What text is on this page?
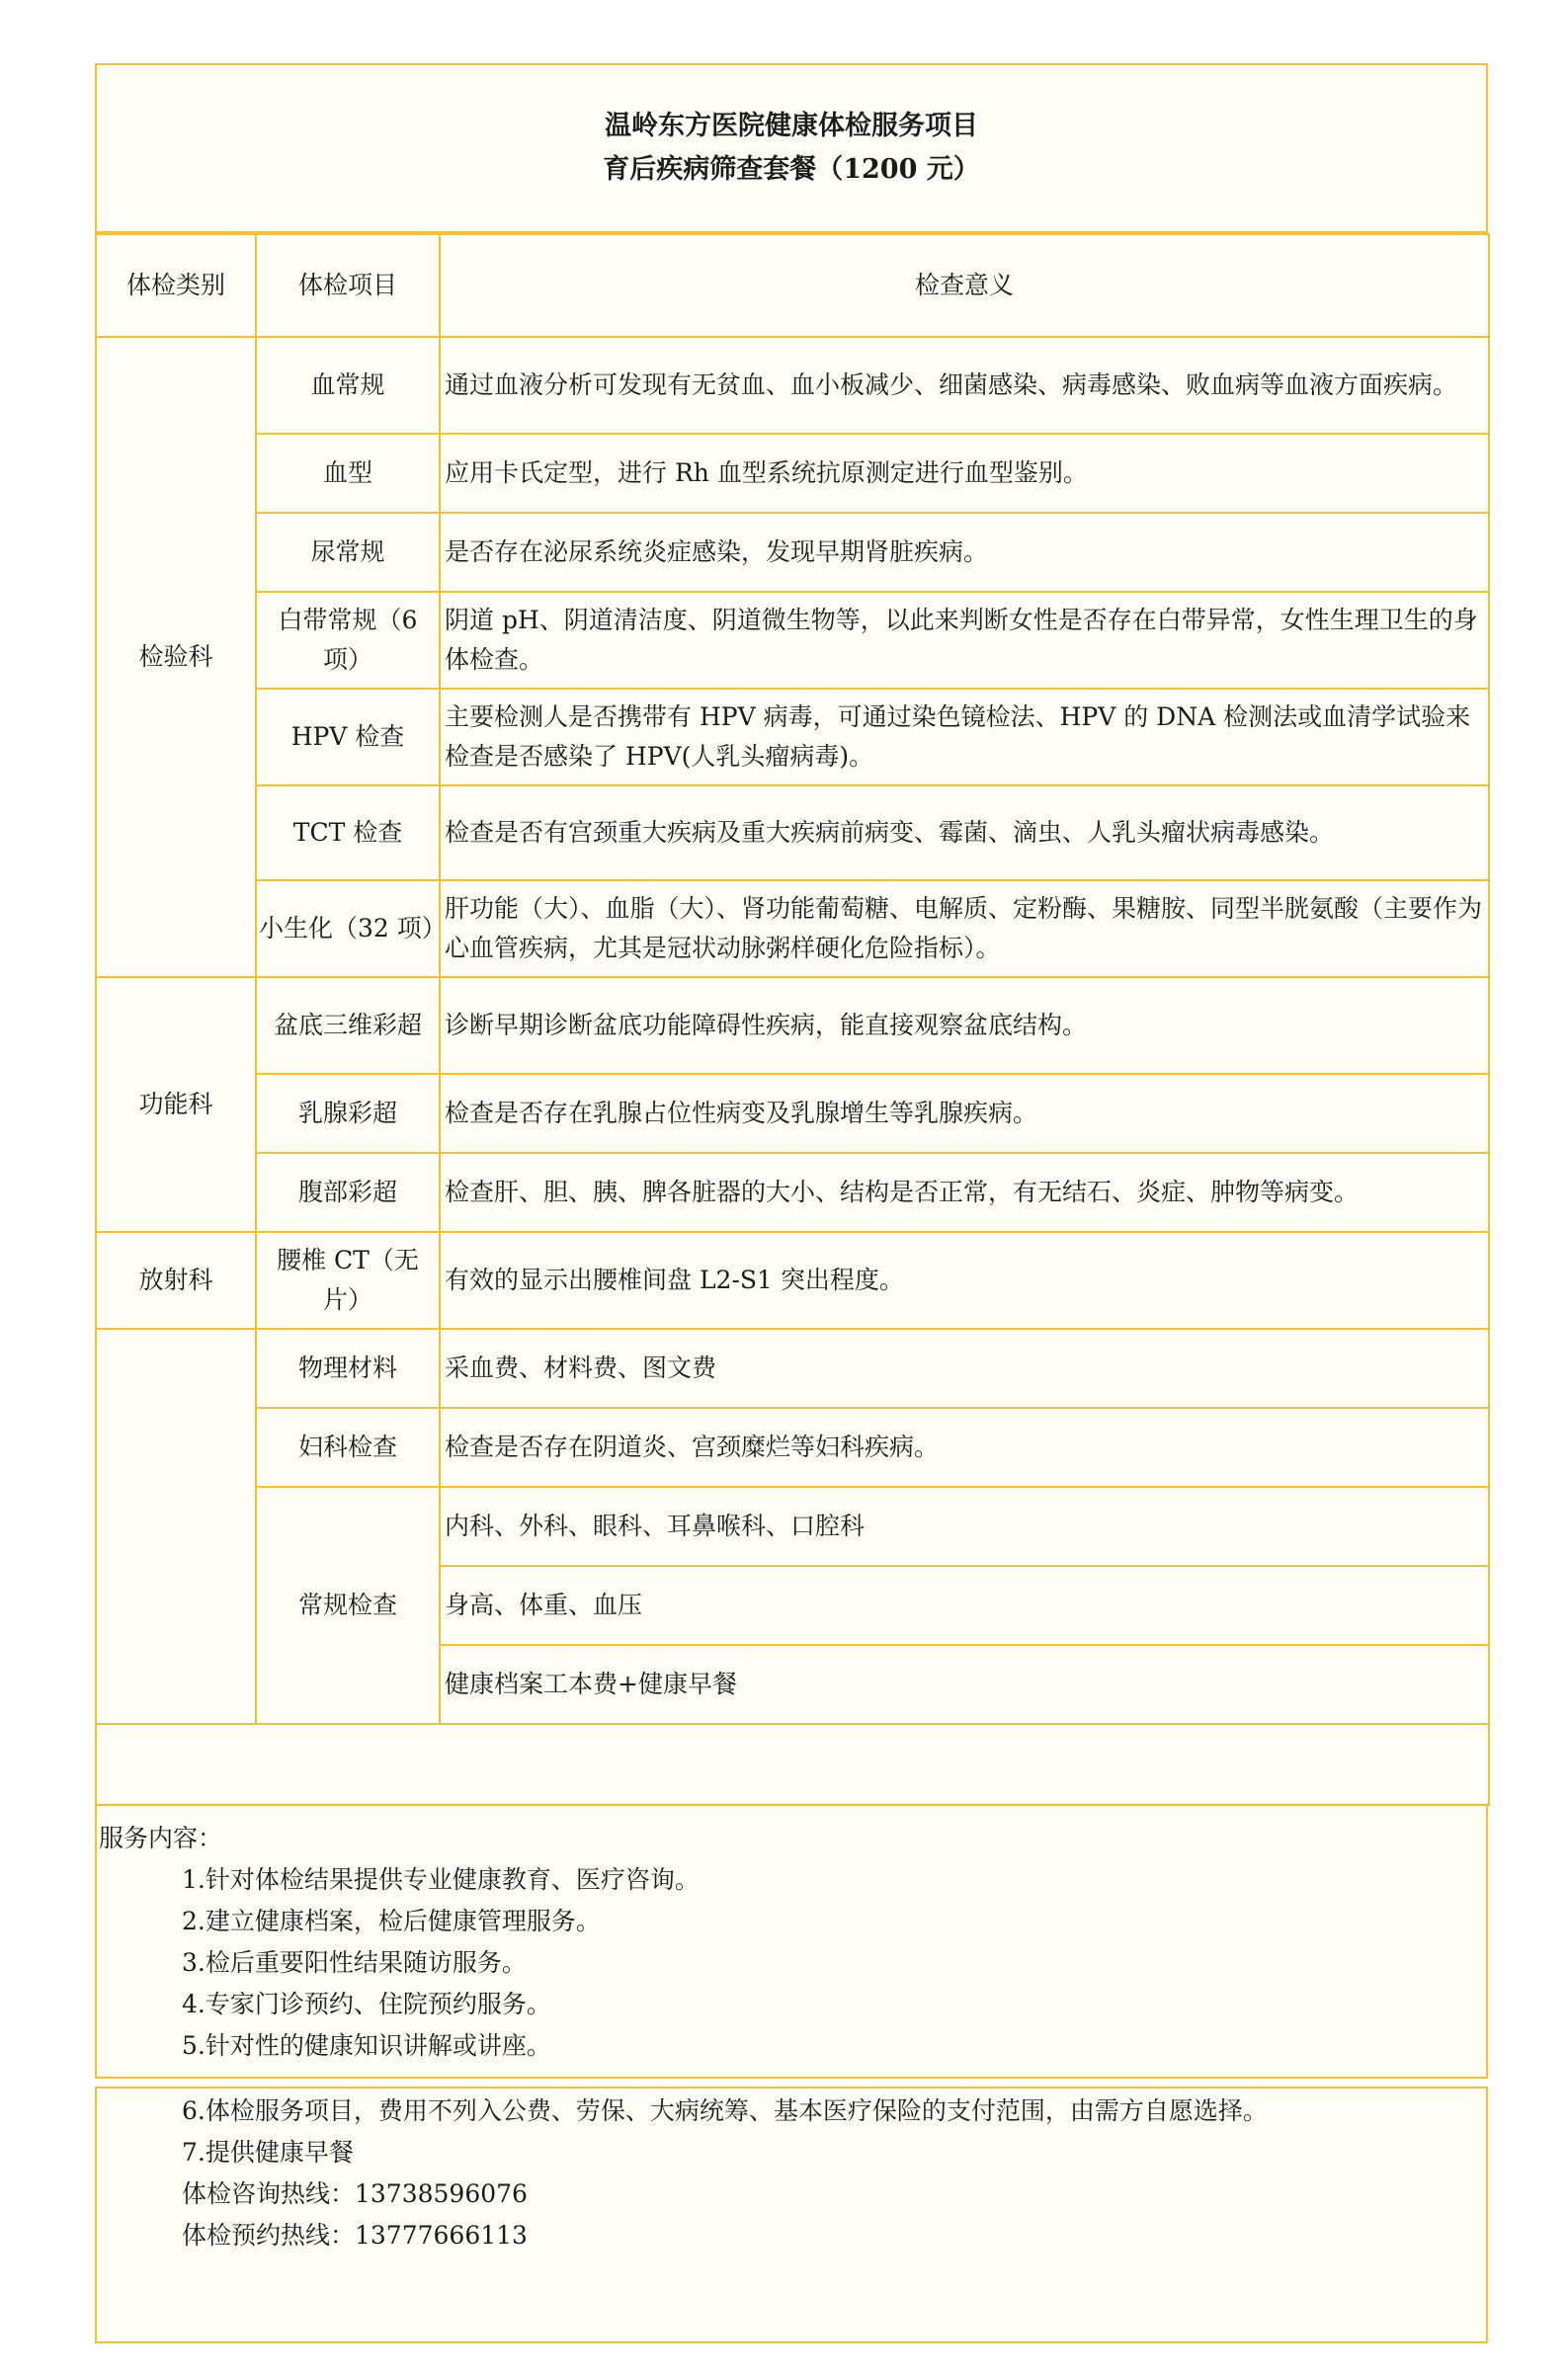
温岭东方医院健康体检服务项目
育后疾病筛查套餐（1200 元）
体检类别	体检项目	检查意义
检验科	血常规	通过血液分析可发现有无贫血、血小板减少、细菌感染、病毒感染、败血病等血液方面疾病。
	血型	应用卡氏定型，进行 Rh 血型系统抗原测定进行血型鉴别。
	尿常规	是否存在泌尿系统炎症感染，发现早期肾脏疾病。
	白带常规（6 项）	阴道 pH、阴道清洁度、阴道微生物等，以此来判断女性是否存在白带异常，女性生理卫生的身体检查。
	HPV 检查	主要检测人是否携带有 HPV 病毒，可通过染色镜检法、HPV 的 DNA 检测法或血清学试验来检查是否感染了 HPV(人乳头瘤病毒)。
	TCT 检查	检查是否有宫颈重大疾病及重大疾病前病变、霉菌、滴虫、人乳头瘤状病毒感染。
	小生化（32 项）	肝功能（大）、血脂（大）、肾功能葡萄糖、电解质、定粉酶、果糖胺、同型半胱氨酸（主要作为心血管疾病，尤其是冠状动脉粥样硬化危险指标）。
功能科	盆底三维彩超	诊断早期诊断盆底功能障碍性疾病，能直接观察盆底结构。
	乳腺彩超	检查是否存在乳腺占位性病变及乳腺增生等乳腺疾病。
	腹部彩超	检查肝、胆、胰、脾各脏器的大小、结构是否正常，有无结石、炎症、肿物等病变。
放射科	腰椎 CT（无片）	有效的显示出腰椎间盘 L2-S1 突出程度。
	物理材料	采血费、材料费、图文费
	妇科检查	检查是否存在阴道炎、宫颈糜烂等妇科疾病。
	常规检查	内科、外科、眼科、耳鼻喉科、口腔科
		身高、体重、血压
		健康档案工本费+健康早餐

服务内容：
1.针对体检结果提供专业健康教育、医疗咨询。
2.建立健康档案，检后健康管理服务。
3.检后重要阳性结果随访服务。
4.专家门诊预约、住院预约服务。
5.针对性的健康知识讲解或讲座。
6.体检服务项目，费用不列入公费、劳保、大病统筹、基本医疗保险的支付范围，由需方自愿选择。
7.提供健康早餐
体检咨询热线：13738596076
体检预约热线：13777666113
